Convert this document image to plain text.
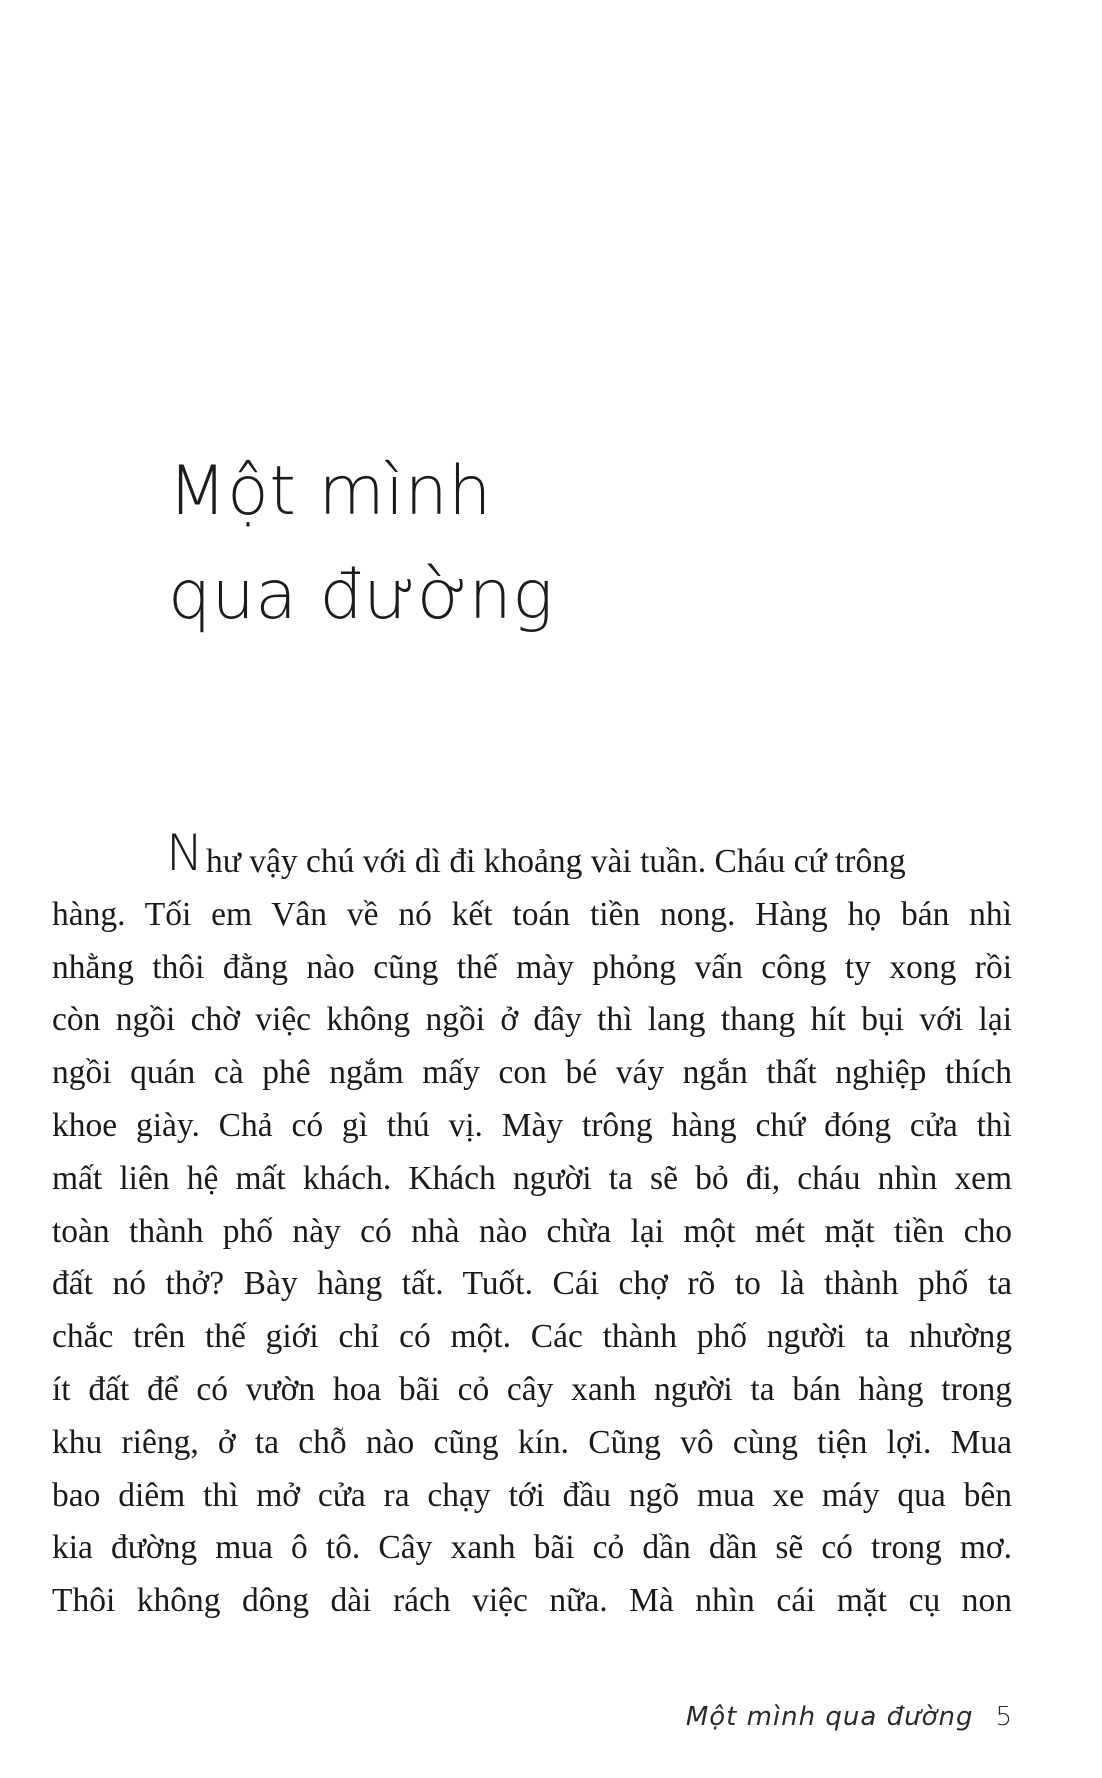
Một mình
qua đường
N hư vậy chú với dì đi khoảng vài tuần. Cháu cứ trông
hàng. Tối em Vân về nó kết toán tiền nong. Hàng họ bán nhì
nhằng thôi đằng nào cũng thế mày phỏng vấn công ty xong rồi
còn ngồi chờ việc không ngồi ở đây thì lang thang hít bụi với lại
ngồi quán cà phê ngắm mấy con bé váy ngắn thất nghiệp thích
khoe giày. Chả có gì thú vị. Mày trông hàng chứ đóng cửa thì
mất liên hệ mất khách. Khách người ta sẽ bỏ đi, cháu nhìn xem
toàn thành phố này có nhà nào chừa lại một mét mặt tiền cho
đất nó thở? Bày hàng tất. Tuốt. Cái chợ rõ to là thành phố ta
chắc trên thế giới chỉ có một. Các thành phố người ta nhường
ít đất để có vườn hoa bãi cỏ cây xanh người ta bán hàng trong
khu riêng, ở ta chỗ nào cũng kín. Cũng vô cùng tiện lợi. Mua
bao diêm thì mở cửa ra chạy tới đầu ngõ mua xe máy qua bên
kia đường mua ô tô. Cây xanh bãi cỏ dần dần sẽ có trong mơ.
Thôi không dông dài rách việc nữa. Mà nhìn cái mặt cụ non
Một mình qua đường 5
